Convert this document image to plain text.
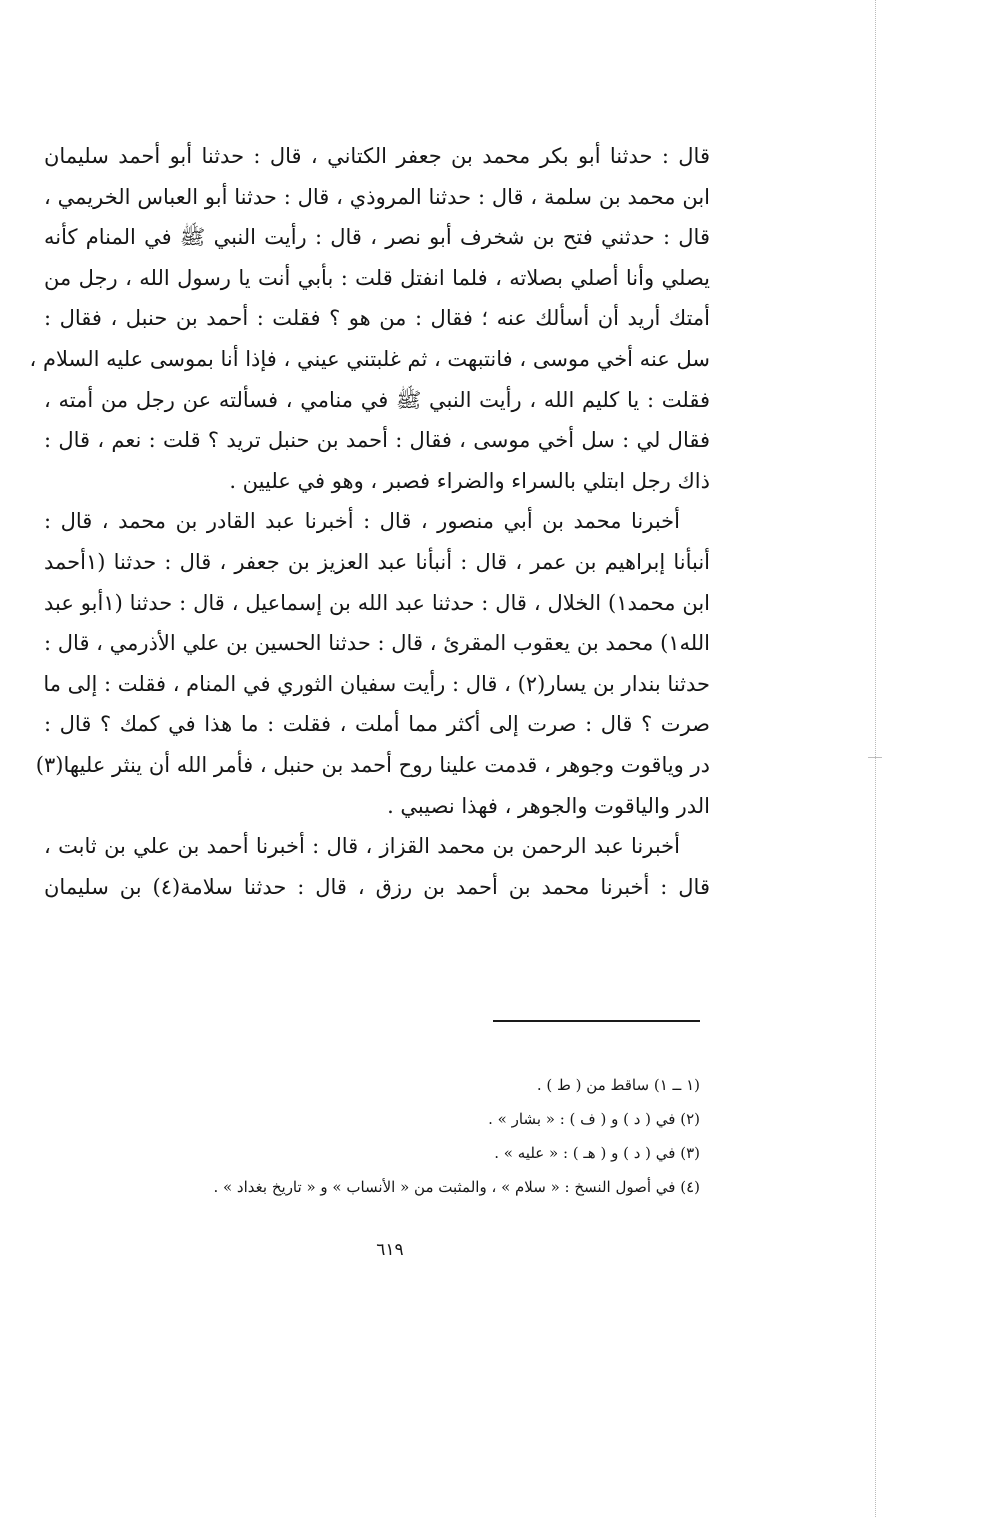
قال : حدثنا أبو بكر محمد بن جعفر الكتاني ، قال : حدثنا أبو أحمد سليمان
ابن محمد بن سلمة ، قال : حدثنا المروذي ، قال : حدثنا أبو العباس الخريمي ،
قال : حدثني فتح بن شخرف أبو نصر ، قال : رأيت النبي ﷺ في المنام كأنه
يصلي وأنا أصلي بصلاته ، فلما انفتل قلت : بأبي أنت يا رسول الله ، رجل من
أمتك أريد أن أسألك عنه ؛ فقال : من هو ؟ فقلت : أحمد بن حنبل ، فقال :
سل عنه أخي موسى ، فانتبهت ، ثم غلبتني عيني ، فإذا أنا بموسى عليه السلام ،
فقلت : يا كليم الله ، رأيت النبي ﷺ في منامي ، فسألته عن رجل من أمته ،
فقال لي : سل أخي موسى ، فقال : أحمد بن حنبل تريد ؟ قلت : نعم ، قال :
ذاك رجل ابتلي بالسراء والضراء فصبر ، وهو في عليين .
أخبرنا محمد بن أبي منصور ، قال : أخبرنا عبد القادر بن محمد ، قال :
أنبأنا إبراهيم بن عمر ، قال : أنبأنا عبد العزيز بن جعفر ، قال : حدثنا (١أحمد
ابن محمد١) الخلال ، قال : حدثنا عبد الله بن إسماعيل ، قال : حدثنا (١أبو عبد
الله١) محمد بن يعقوب المقرئ ، قال : حدثنا الحسين بن علي الأذرمي ، قال :
حدثنا بندار بن يسار(٢) ، قال : رأيت سفيان الثوري في المنام ، فقلت : إلى ما
صرت ؟ قال : صرت إلى أكثر مما أملت ، فقلت : ما هذا في كمك ؟ قال :
در وياقوت وجوهر ، قدمت علينا روح أحمد بن حنبل ، فأمر الله أن ينثر عليها(٣)
الدر والياقوت والجوهر ، فهذا نصيبي .
أخبرنا عبد الرحمن بن محمد القزاز ، قال : أخبرنا أحمد بن علي بن ثابت ،
قال : أخبرنا محمد بن أحمد بن رزق ، قال : حدثنا سلامة(٤) بن سليمان
(١ ــ ١) ساقط من ( ط ) .
(٢) في ( د ) و ( ف ) : « بشار » .
(٣) في ( د ) و ( هـ ) : « عليه » .
(٤) في أصول النسخ : « سلام » ، والمثبت من « الأنساب » و « تاريخ بغداد » .
٦١٩
